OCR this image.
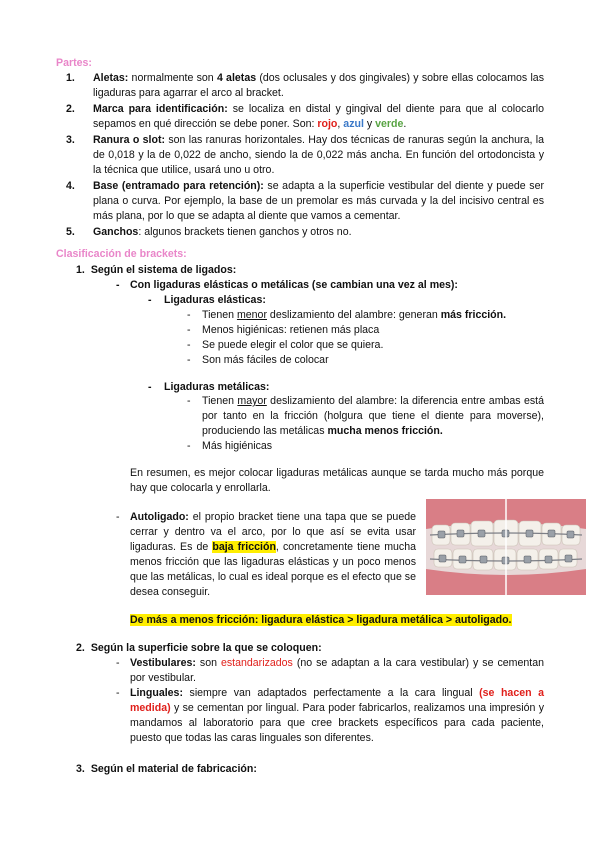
Partes:
1. Aletas: normalmente son 4 aletas (dos oclusales y dos gingivales) y sobre ellas colocamos las ligaduras para agarrar el arco al bracket.
2. Marca para identificación: se localiza en distal y gingival del diente para que al colocarlo sepamos en qué dirección se debe poner. Son: rojo, azul y verde.
3. Ranura o slot: son las ranuras horizontales. Hay dos técnicas de ranuras según la anchura, la de 0,018 y la de 0,022 de ancho, siendo la de 0,022 más ancha. En función del ortodoncista y la técnica que utilice, usará uno u otro.
4. Base (entramado para retención): se adapta a la superficie vestibular del diente y puede ser plana o curva. Por ejemplo, la base de un premolar es más curvada y la del incisivo central es más plana, por lo que se adapta al diente que vamos a cementar.
5. Ganchos: algunos brackets tienen ganchos y otros no.
Clasificación de brackets:
1. Según el sistema de ligados:
- Con ligaduras elásticas o metálicas (se cambian una vez al mes):
- Ligaduras elásticas:
- Tienen menor deslizamiento del alambre: generan más fricción.
- Menos higiénicas: retienen más placa
- Se puede elegir el color que se quiera.
- Son más fáciles de colocar
- Ligaduras metálicas:
- Tienen mayor deslizamiento del alambre: la diferencia entre ambas está por tanto en la fricción (holgura que tiene el diente para moverse), produciendo las metálicas mucha menos fricción.
- Más higiénicas
En resumen, es mejor colocar ligaduras metálicas aunque se tarda mucho más porque hay que colocarla y enrollarla.
- Autoligado: el propio bracket tiene una tapa que se puede cerrar y dentro va el arco, por lo que así se evita usar ligaduras. Es de baja fricción, concretamente tiene mucha menos fricción que las ligaduras elásticas y un poco menos que las metálicas, lo cual es ideal porque es el efecto que se desea conseguir.
De más a menos fricción: ligadura elástica > ligadura metálica > autoligado.
2. Según la superficie sobre la que se coloquen:
- Vestibulares: son estandarizados (no se adaptan a la cara vestibular) y se cementan por vestibular.
- Linguales: siempre van adaptados perfectamente a la cara lingual (se hacen a medida) y se cementan por lingual. Para poder fabricarlos, realizamos una impresión y mandamos al laboratorio para que cree brackets específicos para cada paciente, puesto que todas las caras linguales son diferentes.
3. Según el material de fabricación:
